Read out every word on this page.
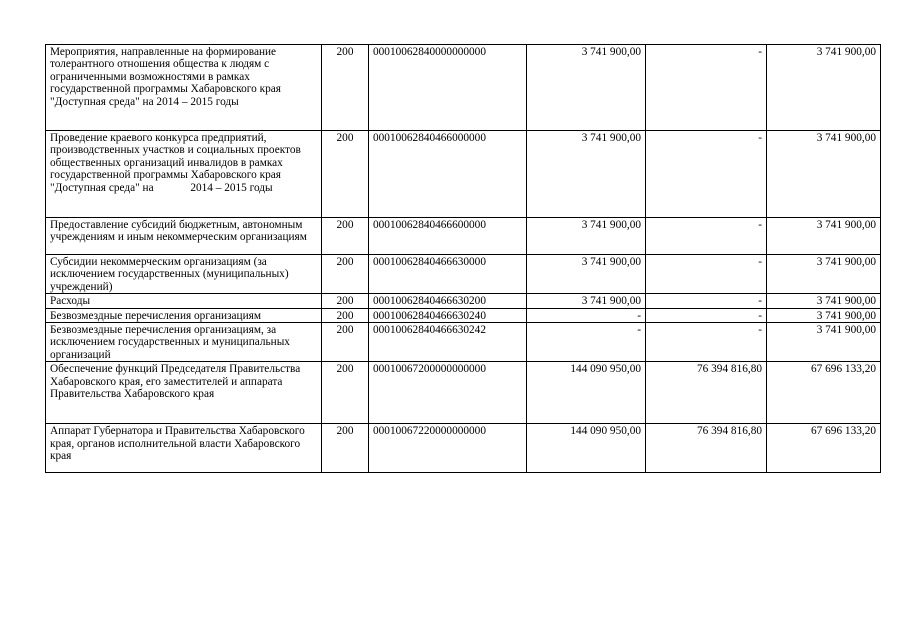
Мероприятия, направленные на формирование толерантного отношения общества к людям с ограниченными возможностями в рамках государственной программы Хабаровского края "Доступная среда" на 2014 – 2015 годы	200	00010062840000000000	3 741 900,00	-	3 741 900,00
Проведение краевого конкурса предприятий, производственных участков и социальных проектов общественных организаций инвалидов в рамках государственной программы Хабаровского края "Доступная среда" на             2014 – 2015 годы	200	00010062840466000000	3 741 900,00	-	3 741 900,00
Предоставление субсидий бюджетным, автономным учреждениям и иным некоммерческим организациям	200	00010062840466600000	3 741 900,00	-	3 741 900,00
Субсидии некоммерческим организациям (за исключением государственных (муниципальных) учреждений)	200	00010062840466630000	3 741 900,00	-	3 741 900,00
Расходы	200	00010062840466630200	3 741 900,00	-	3 741 900,00
Безвозмездные перечисления организациям	200	00010062840466630240	-	-	3 741 900,00
Безвозмездные перечисления организациям, за исключением государственных и муниципальных организаций	200	00010062840466630242	-	-	3 741 900,00
Обеспечение функций Председателя Правительства Хабаровского края, его заместителей и аппарата Правительства Хабаровского края	200	00010067200000000000	144 090 950,00	76 394 816,80	67 696 133,20
Аппарат Губернатора и Правительства Хабаровского края, органов исполнительной власти Хабаровского края	200	00010067220000000000	144 090 950,00	76 394 816,80	67 696 133,20
